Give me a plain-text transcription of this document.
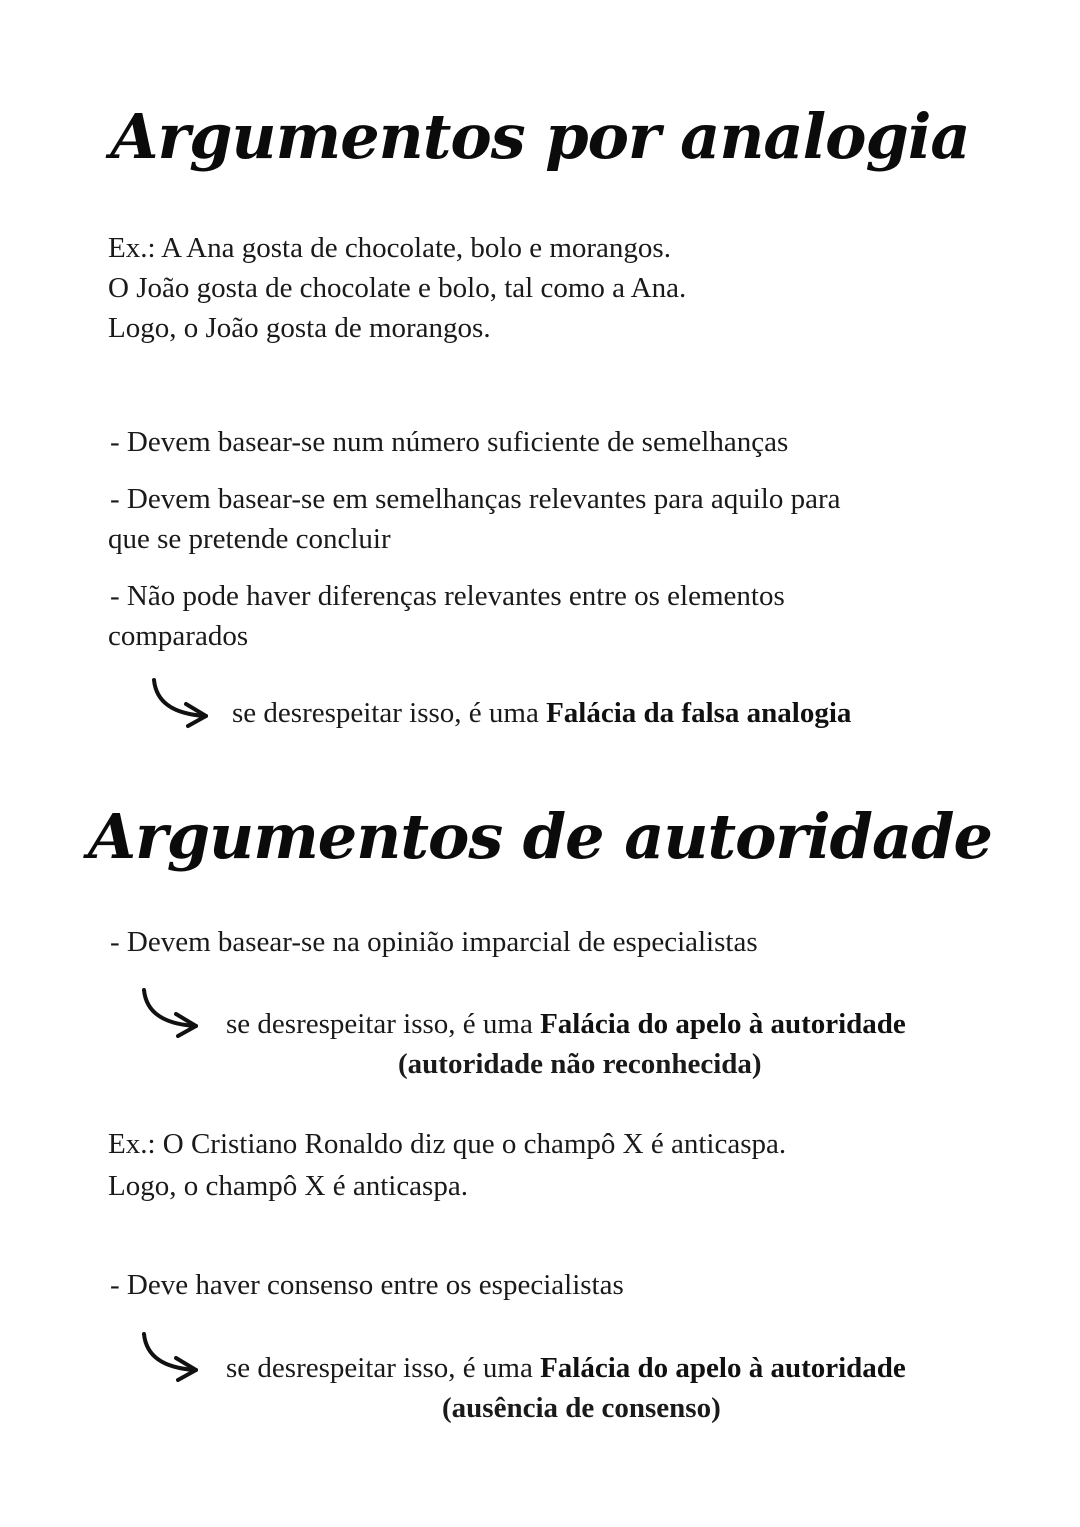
Argumentos por analogia

Ex.: A Ana gosta de chocolate, bolo e morangos.

O João gosta de chocolate e bolo, tal como a Ana.

Logo, o João gosta de morangos.

- Devem basear-se num número suficiente de semelhanças

- Devem basear-se em semelhanças relevantes para aquilo para

que se pretende concluir

- Não pode haver diferenças relevantes entre os elementos

comparados

se desrespeitar isso, é uma Falácia da falsa analogia

Argumentos de autoridade

- Devem basear-se na opinião imparcial de especialistas

se desrespeitar isso, é uma Falácia do apelo à autoridade

(autoridade não reconhecida)

Ex.: O Cristiano Ronaldo diz que o champô X é anticaspa.

Logo, o champô X é anticaspa.

- Deve haver consenso entre os especialistas

se desrespeitar isso, é uma Falácia do apelo à autoridade

(ausência de consenso)
